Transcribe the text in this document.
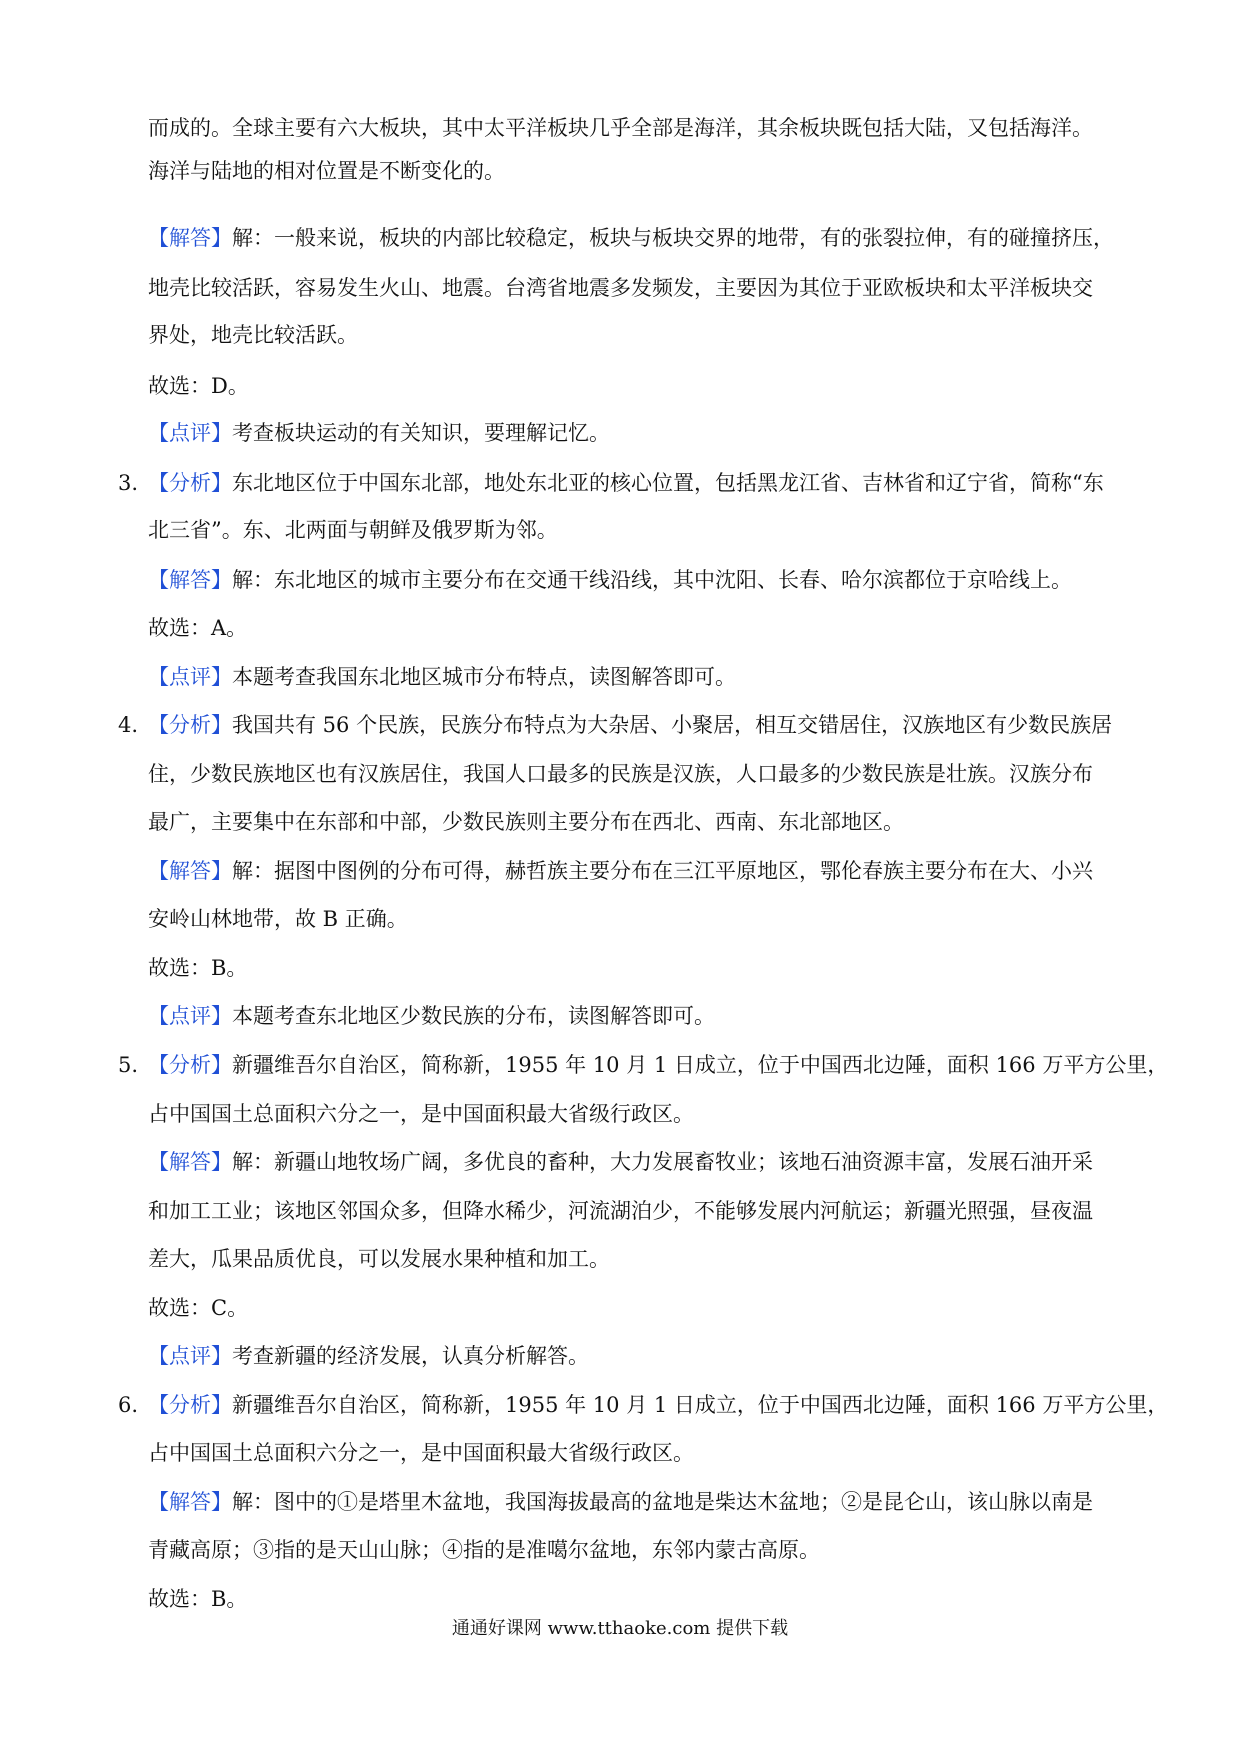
而成的。全球主要有六大板块，其中太平洋板块几乎全部是海洋，其余板块既包括大陆，又包括海洋。
海洋与陆地的相对位置是不断变化的。
【解答】解：一般来说，板块的内部比较稳定，板块与板块交界的地带，有的张裂拉伸，有的碰撞挤压，
地壳比较活跃，容易发生火山、地震。台湾省地震多发频发，主要因为其位于亚欧板块和太平洋板块交
界处，地壳比较活跃。
故选：D。
【点评】考查板块运动的有关知识，要理解记忆。
3. 【分析】东北地区位于中国东北部，地处东北亚的核心位置，包括黑龙江省、吉林省和辽宁省，简称“东
北三省”。东、北两面与朝鲜及俄罗斯为邻。
【解答】解：东北地区的城市主要分布在交通干线沿线，其中沈阳、长春、哈尔滨都位于京哈线上。
故选：A。
【点评】本题考查我国东北地区城市分布特点，读图解答即可。
4. 【分析】我国共有 56 个民族，民族分布特点为大杂居、小聚居，相互交错居住，汉族地区有少数民族居
住，少数民族地区也有汉族居住，我国人口最多的民族是汉族，人口最多的少数民族是壮族。汉族分布
最广，主要集中在东部和中部，少数民族则主要分布在西北、西南、东北部地区。
【解答】解：据图中图例的分布可得，赫哲族主要分布在三江平原地区，鄂伦春族主要分布在大、小兴
安岭山林地带，故 B 正确。
故选：B。
【点评】本题考查东北地区少数民族的分布，读图解答即可。
5. 【分析】新疆维吾尔自治区，简称新，1955 年 10 月 1 日成立，位于中国西北边陲，面积 166 万平方公里，
占中国国土总面积六分之一，是中国面积最大省级行政区。
【解答】解：新疆山地牧场广阔，多优良的畜种，大力发展畜牧业；该地石油资源丰富，发展石油开采
和加工工业；该地区邻国众多，但降水稀少，河流湖泊少，不能够发展内河航运；新疆光照强，昼夜温
差大，瓜果品质优良，可以发展水果种植和加工。
故选：C。
【点评】考查新疆的经济发展，认真分析解答。
6. 【分析】新疆维吾尔自治区，简称新，1955 年 10 月 1 日成立，位于中国西北边陲，面积 166 万平方公里，
占中国国土总面积六分之一，是中国面积最大省级行政区。
【解答】解：图中的①是塔里木盆地，我国海拔最高的盆地是柴达木盆地；②是昆仑山，该山脉以南是
青藏高原；③指的是天山山脉；④指的是准噶尔盆地，东邻内蒙古高原。
故选：B。
通通好课网 www.tthaoke.com 提供下载
